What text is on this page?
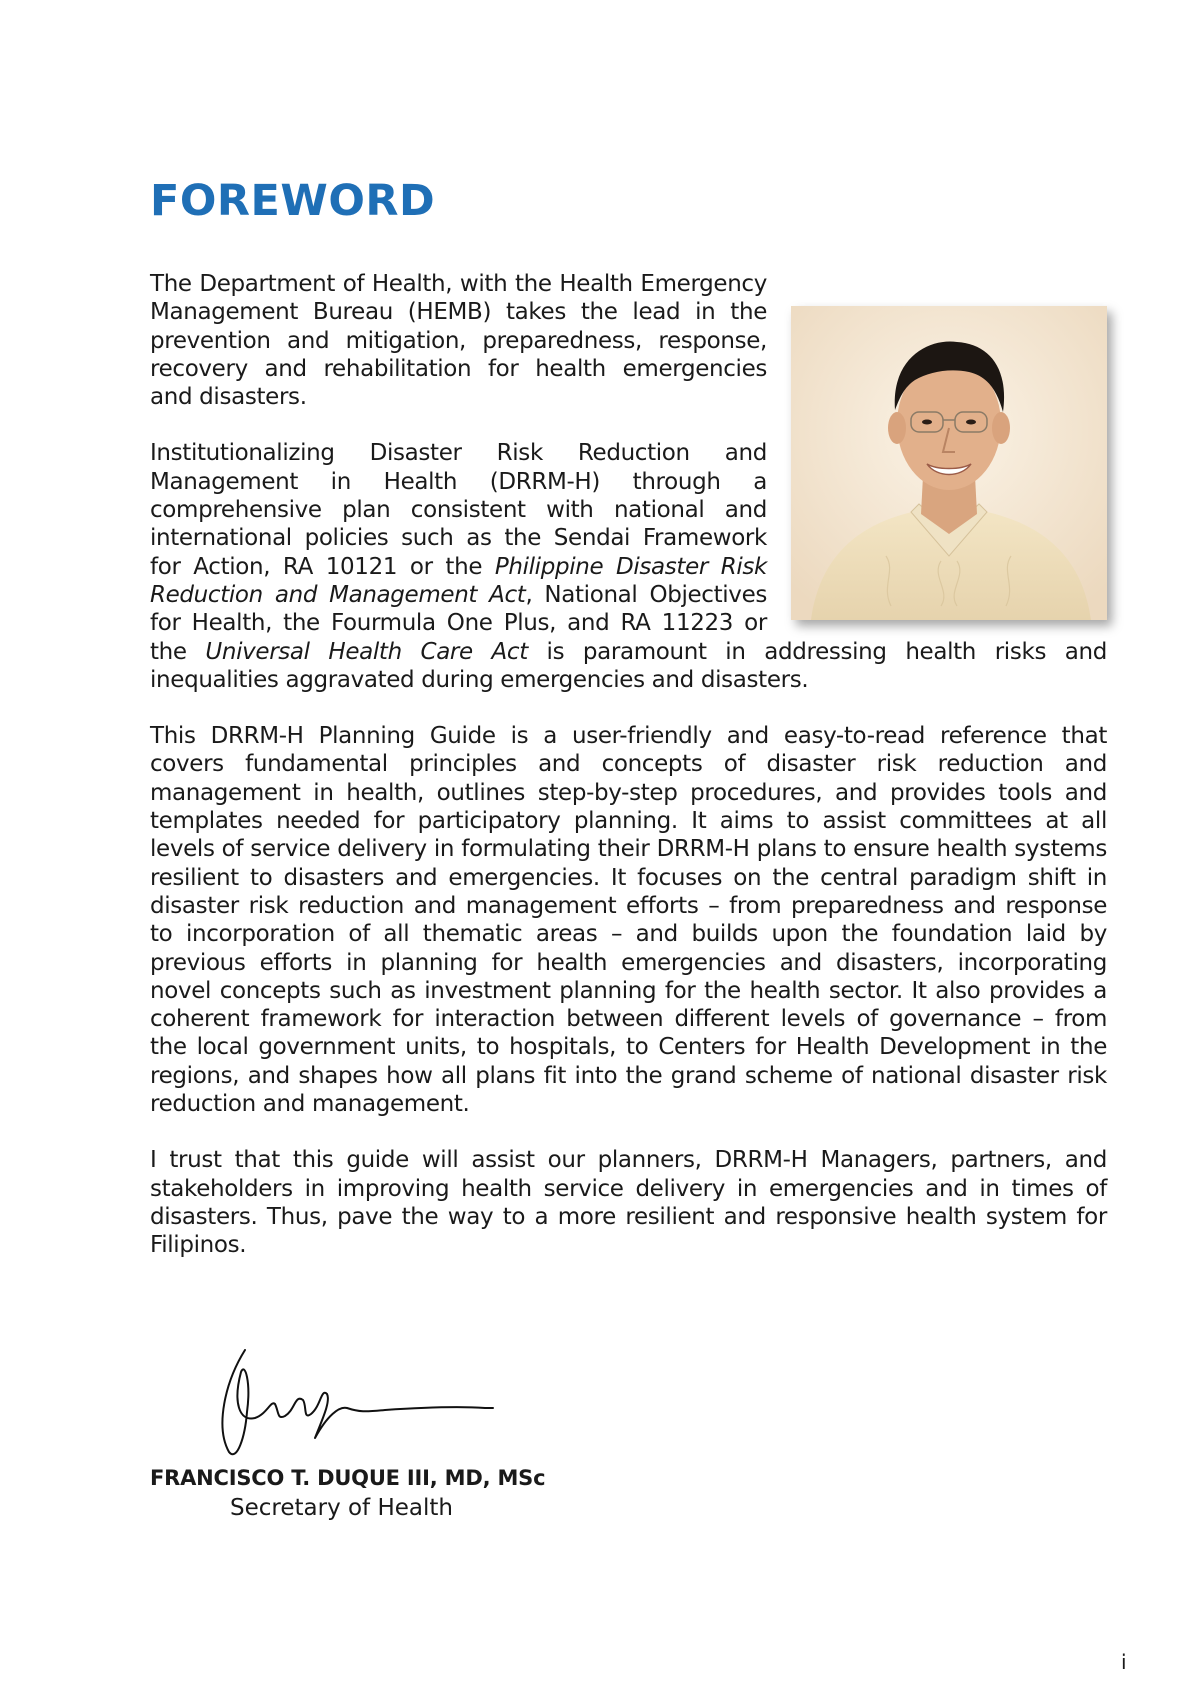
FOREWORD

The Department of Health, with the Health Emergency Management Bureau (HEMB) takes the lead in the prevention and mitigation, preparedness, response, recovery and rehabilitation for health emergencies and disasters.

Institutionalizing Disaster Risk Reduction and Management in Health (DRRM-H) through a comprehensive plan consistent with national and international policies such as the Sendai Framework for Action, RA 10121 or the Philippine Disaster Risk Reduction and Management Act, National Objectives for Health, the Fourmula One Plus, and RA 11223 or the Universal Health Care Act is paramount in addressing health risks and inequalities aggravated during emergencies and disasters.

This DRRM-H Planning Guide is a user-friendly and easy-to-read reference that covers fundamental principles and concepts of disaster risk reduction and management in health, outlines step-by-step procedures, and provides tools and templates needed for participatory planning. It aims to assist committees at all levels of service delivery in formulating their DRRM-H plans to ensure health systems resilient to disasters and emergencies. It focuses on the central paradigm shift in disaster risk reduction and management efforts – from preparedness and response to incorporation of all thematic areas – and builds upon the foundation laid by previous efforts in planning for health emergencies and disasters, incorporating novel concepts such as investment planning for the health sector. It also provides a coherent framework for interaction between different levels of governance – from the local government units, to hospitals, to Centers for Health Development in the regions, and shapes how all plans fit into the grand scheme of national disaster risk reduction and management.

I trust that this guide will assist our planners, DRRM-H Managers, partners, and stakeholders in improving health service delivery in emergencies and in times of disasters. Thus, pave the way to a more resilient and responsive health system for Filipinos.

FRANCISCO T. DUQUE III, MD, MSc
Secretary of Health
i
